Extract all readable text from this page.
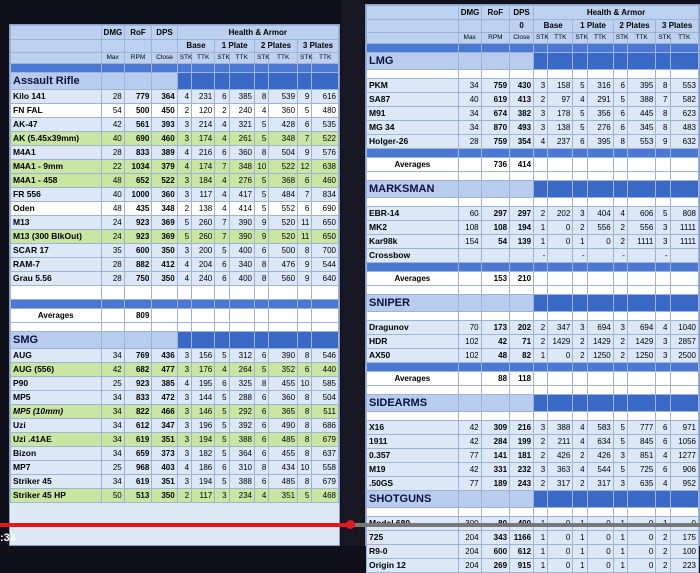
	DMG	RoF	DPS	Health & Armor							
				Base		1 Plate		2 Plates		3 Plates	
	Max	RPM	Close	STK	TTK	STK	TTK	STK	TTK	STK	TTK

Assault Rifle											
Kilo 141	28	779	364	4	231	6	385	8	539	9	616
FN FAL	54	500	450	2	120	2	240	4	360	5	480
AK-47	42	561	393	3	214	4	321	5	428	6	535
AK (5.45x39mm)	40	690	460	3	174	4	261	5	348	7	522
M4A1	28	833	389	4	216	6	360	8	504	9	576
M4A1 - 9mm	22	1034	379	4	174	7	348	10	522	12	638
M4A1 - 458	48	652	522	3	184	4	276	5	368	6	460
FR 556	40	1000	360	3	117	4	417	5	484	7	834
Oden	48	435	348	2	138	4	414	5	552	6	690
M13	24	923	369	5	260	7	390	9	520	11	650
M13 (300 BlkOut)	24	923	369	5	260	7	390	9	520	11	650
SCAR 17	35	600	350	3	200	5	400	6	500	8	700
RAM-7	28	882	412	4	204	6	340	8	476	9	544
Grau 5.56	28	750	350	4	240	6	400	8	560	9	640

Averages		809									

SMG											
AUG	34	769	436	3	156	5	312	6	390	8	546
AUG (556)	42	682	477	3	176	4	264	5	352	6	440
P90	25	923	385	4	195	6	325	8	455	10	585
MP5	34	833	472	3	144	5	288	6	360	8	504
MP5 (10mm)	34	822	466	3	146	5	292	6	365	8	511
Uzi	34	612	347	3	196	5	392	6	490	8	686
Uzi .41AE	34	619	351	3	194	5	388	6	485	8	679
Bizon	34	659	373	3	182	5	364	6	455	8	637
MP7	25	968	403	4	186	6	310	8	434	10	558
Striker 45	34	619	351	3	194	5	388	6	485	8	679
Striker 45 HP	50	513	350	2	117	3	234	4	351	5	468
	DMG	RoF	DPS	Health & Armor							
			0	Base		1 Plate		2 Plates		3 Plates	
	Max	RPM	Close	STK	TTK	STK	TTK	STK	TTK	STK	TTK

LMG											

PKM	34	759	430	3	158	5	316	6	395	8	553
SA87	40	619	413	2	97	4	291	5	388	7	582
M91	34	674	382	3	178	5	356	6	445	8	623
MG 34	34	870	493	3	138	5	276	6	345	8	483
Holger-26	28	759	354	4	237	6	395	8	553	9	632

Averages		736	414								

MARKSMAN											

EBR-14	60	297	297	2	202	3	404	4	606	5	808
MK2	108	108	194	1	0	2	556	2	556	3	1111
Kar98k	154	54	139	1	0	1	0	2	1111	3	1111
Crossbow				-		-		-		-	

Averages		153	210								

SNIPER											

Dragunov	70	173	202	2	347	3	694	3	694	4	1040
HDR	102	42	71	2	1429	2	1429	2	1429	3	2857
AX50	102	48	82	1	0	2	1250	2	1250	3	2500

Averages		88	118								

SIDEARMS											

X16	42	309	216	3	388	4	583	5	777	6	971
1911	42	284	199	2	211	4	634	5	845	6	1056
0.357	77	141	181	2	426	2	426	3	851	4	1277
M19	42	331	232	3	363	4	544	5	725	6	906
.50GS	77	189	243	2	317	2	317	3	635	4	952
SHOTGUNS											

725	204	343	1166	1	0	1	0	1	0	2	175
R9-0	204	600	612	1	0	1	0	1	0	2	100
Origin 12	204	269	915	1	0	1	0	1	0	2	223
:33
